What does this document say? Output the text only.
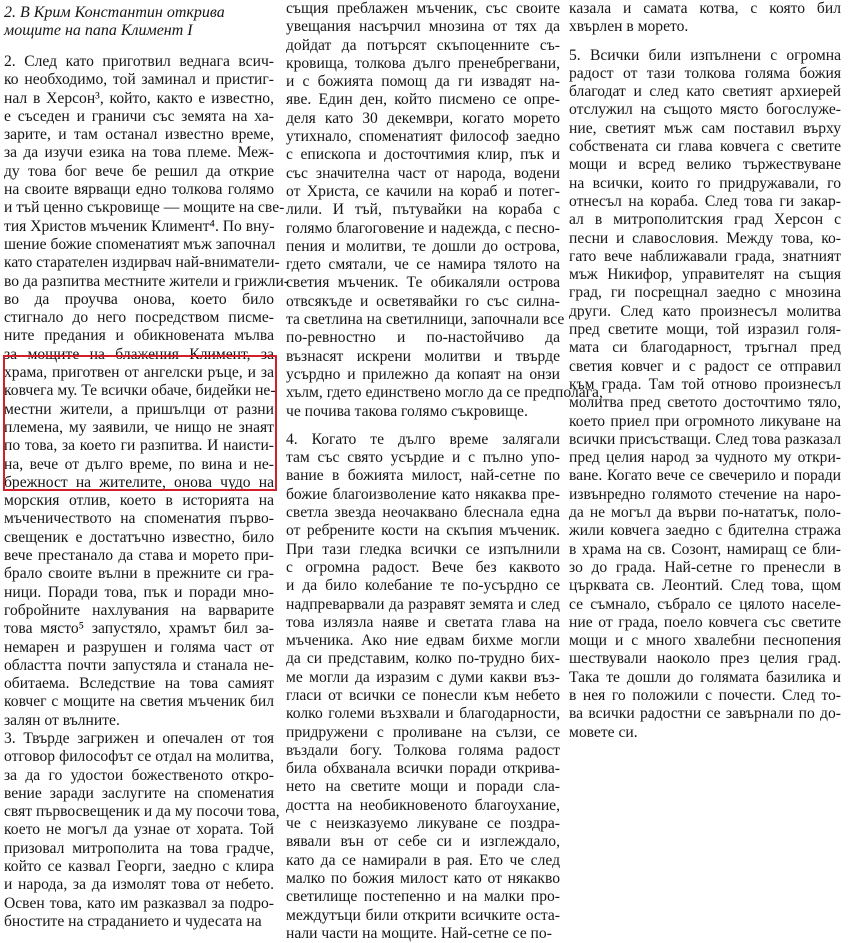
2. В Крим Константин открива
мощите на папа Климент I
2. След като приготвил веднага всич-
ко необходимо, той заминал и пристиг-
нал в Херсон³, който, както е известно,
е съседен и граничи със земята на ха-
зарите, и там останал известно време,
за да изучи езика на това племе. Меж-
ду това бог вече бе решил да открие
на своите вярващи едно толкова голямо
и тъй ценно съкровище — мощите на све-
тия Христов мъченик Климент⁴. По вну-
шение божие споменатият мъж започнал
като старателен издирвач най-вниматели-
во да разпитва местните жители и грижли-
во да проучва онова, което било
стигнало до него посредством писме-
ните предания и обикновената мълва
за мощите на блажения Климент, за
храма, приготвен от ангелски ръце, и за
ковчега му. Те всички обаче, бидейки не-
местни жители, а пришълци от разни
племена, му заявили, че нищо не знаят
по това, за което ги разпитва. И наисти-
на, вече от дълго време, по вина и не-
брежност на жителите, онова чудо на
морския отлив, което в историята на
мъченичеството на споменатия първо-
свещеник е достатъчно известно, било
вече престанало да става и морето при-
брало своите вълни в прежните си гра-
ници. Поради това, пък и поради мно-
гобройните нахлувания на варварите
това място⁵ запустяло, храмът бил за-
немарен и разрушен и голяма част от
областта почти запустяла и станала не-
обитаема. Вследствие на това самият
ковчег с мощите на светия мъченик бил
залян от вълните.
3. Твърде загрижен и опечален от тоя
отговор философът се отдал на молитва,
за да го удостои божественото откро-
вение заради заслугите на споменатия
свят първосвещеник и да му посочи това,
което не могъл да узнае от хората. Той
призовал митрополита на това градче,
който се казвал Георги, заедно с клира
и народа, за да измолят това от небето.
Освен това, като им разказвал за подро-
бностите на страданието и чудесата на
същия преблажен мъченик, със своите
увещания насърчил мнозина от тях да
дойдат да потърсят скъпоценните съ-
кровища, толкова дълго пренебрегвани,
и с божията помощ да ги извадят на-
яве. Един ден, който писмено се опре-
деля като 30 декември, когато морето
утихнало, споменатият философ заедно
с епископа и досточтимия клир, пък и
със значителна част от народа, водени
от Христа, се качили на кораб и потег-
лили. И тъй, пътувайки на кораба с
голямо благоговение и надежда, с песно-
пения и молитви, те дошли до острова,
гдето смятали, че се намира тялото на
светия мъченик. Те обикаляли острова
отвсякъде и осветявайки го със силна-
та светлина на светилници, започнали все
по-ревностно и по-настойчиво да
възнасят искрени молитви и твърде
усърдно и прилежно да копаят на онзи
хълм, гдето единствено могло да се предполага,
че почива такова голямо съкровище.
4. Когато те дълго време залягали
там със свято усърдие и с пълно упо-
вание в божията милост, най-сетне по
божие благоизволение като някаква пре-
светла звезда неочаквано блеснала една
от ребрените кости на скъпия мъченик.
При тази гледка всички се изпълнили
с огромна радост. Вече без каквото
и да било колебание те по-усърдно се
надпреварвали да разравят земята и след
това излязла наяве и светата глава на
мъченика. Ако ние едвам бихме могли
да си представим, колко по-трудно бих-
ме могли да изразим с думи какви въз-
гласи от всички се понесли към небето
колко големи възхвали и благодарности,
придружени с проливане на сълзи, се
въздали богу. Толкова голяма радост
била обхванала всички поради открива-
нето на светите мощи и поради сла-
достта на необикновеното благоухание,
че с неизказуемо ликуване се поздра-
вявали вън от себе си и изглеждало,
като да се намирали в рая. Ето че след
малко по божия милост като от някакво
светилище постепенно и на малки про-
междутъци били открити всичките оста-
нали части на мощите. Най-сетне се по-
казала и самата котва, с която бил
хвърлен в морето.
5. Всички били изпълнени с огромна
радост от тази толкова голяма божия
благодат и след като светият архиерей
отслужил на същото място богослуже-
ние, светият мъж сам поставил върху
собствената си глава ковчега с светите
мощи и всред велико тържествуване
на всички, които го придружавали, го
отнесъл на кораба. След това ги закар-
ал в митрополитския град Херсон с
песни и славословия. Между това, ко-
гато вече наближавали града, знатният
мъж Никифор, управителят на същия
град, ги посрещнал заедно с мнозина
други. След като произнесъл молитва
пред светите мощи, той изразил голя-
мата си благодарност, тръгнал пред
светия ковчег и с радост се отправил
към града. Там той отново произнесъл
молитва пред светото досточтимо тяло,
което приел при огромното ликуване на
всички присъстващи. След това разказал
пред целия народ за чудното му откри-
ване. Когато вече се свечерило и поради
извънредно голямото стечение на наро-
да не могъл да върви по-нататък, поло-
жили ковчега заедно с бдителна стража
в храма на св. Созонт, намиращ се бли-
зо до града. Най-сетне го пренесли в
църквата св. Леонтий. След това, щом
се съмнало, събрало се цялото населе-
ние от града, поело ковчега със светите
мощи и с много хвалебни песнопения
шествували наоколо през целия град.
Така те дошли до голямата базилика и
в нея го положили с почести. След то-
ва всички радостни се завърнали по до-
мовете си.
